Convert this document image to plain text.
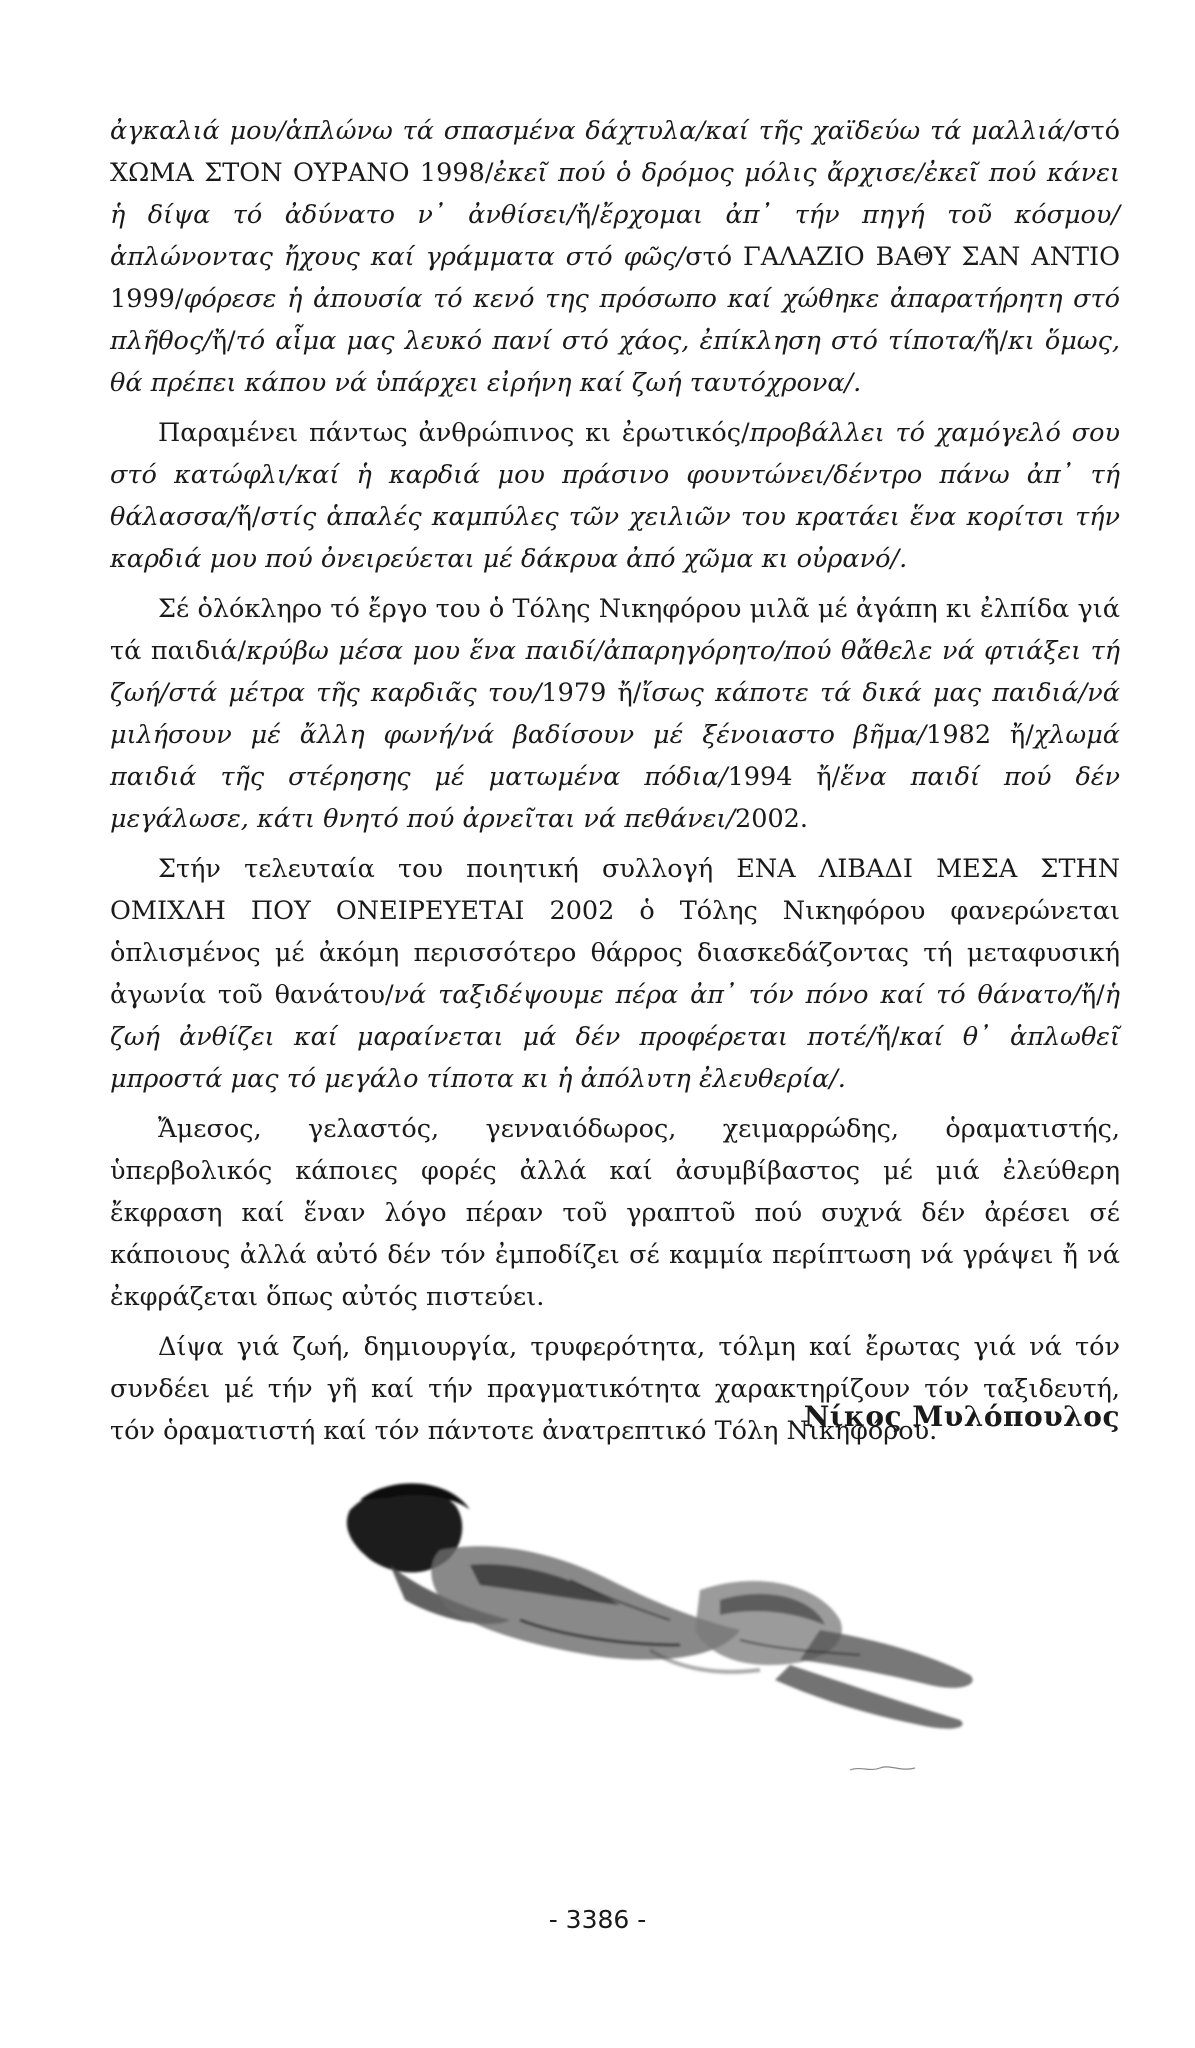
ἀγκαλιά μου/ἁπλώνω τά σπασμένα δάχτυλα/καί τῆς χαϊδεύω τά μαλλιά/στό ΧΩΜΑ ΣΤΟΝ ΟΥΡΑΝΟ 1998/ἐκεῖ πού ὁ δρόμος μόλις ἄρχισε/ἐκεῖ πού κάνει ἡ δίψα τό ἀδύνατο ν᾽ ἀνθίσει/ἤ/ἔρχομαι ἀπ᾽ τήν πηγή τοῦ κόσμου/ἁπλώνοντας ἤχους καί γράμματα στό φῶς/στό ΓΑΛΑΖΙΟ ΒΑΘΥ ΣΑΝ ΑΝΤΙΟ 1999/φόρεσε ἡ ἀπουσία τό κενό της πρόσωπο καί χώθηκε ἀπαρατήρητη στό πλῆθος/ἤ/τό αἷμα μας λευκό πανί στό χάος, ἐπίκληση στό τίποτα/ἤ/κι ὅμως, θά πρέπει κάπου νά ὑπάρχει εἰρήνη καί ζωή ταυτόχρονα/.

Παραμένει πάντως ἀνθρώπινος κι ἐρωτικός/προβάλλει τό χαμόγελό σου στό κατώφλι/καί ἡ καρδιά μου πράσινο φουντώνει/δέντρο πάνω ἀπ᾽ τή θάλασσα/ἤ/στίς ἁπαλές καμπύλες τῶν χειλιῶν του κρατάει ἕνα κορίτσι τήν καρδιά μου πού ὀνειρεύεται μέ δάκρυα ἀπό χῶμα κι οὐρανό/.

Σέ ὁλόκληρο τό ἔργο του ὁ Τόλης Νικηφόρου μιλᾶ μέ ἀγάπη κι ἐλπίδα γιά τά παιδιά/κρύβω μέσα μου ἕνα παιδί/ἀπαρηγόρητο/πού θἄθελε νά φτιάξει τή ζωή/στά μέτρα τῆς καρδιᾶς του/1979 ἤ/ἴσως κάποτε τά δικά μας παιδιά/νά μιλήσουν μέ ἄλλη φωνή/νά βαδίσουν μέ ξένοιαστο βῆμα/1982 ἤ/χλωμά παιδιά τῆς στέρησης μέ ματωμένα πόδια/1994 ἤ/ἕνα παιδί πού δέν μεγάλωσε, κάτι θνητό πού ἀρνεῖται νά πεθάνει/2002.

Στήν τελευταία του ποιητική συλλογή ΕΝΑ ΛΙΒΑΔΙ ΜΕΣΑ ΣΤΗΝ ΟΜΙΧΛΗ ΠΟΥ ΟΝΕΙΡΕΥΕΤΑΙ 2002 ὁ Τόλης Νικηφόρου φανερώνεται ὁπλισμένος μέ ἀκόμη περισσότερο θάρρος διασκεδάζοντας τή μεταφυσική ἀγωνία τοῦ θανάτου/νά ταξιδέψουμε πέρα ἀπ᾽ τόν πόνο καί τό θάνατο/ἤ/ἡ ζωή ἀνθίζει καί μαραίνεται μά δέν προφέρεται ποτέ/ἤ/καί θ᾽ ἁπλωθεῖ μπροστά μας τό μεγάλο τίποτα κι ἡ ἀπόλυτη ἐλευθερία/.

Ἄμεσος, γελαστός, γενναιόδωρος, χειμαρρώδης, ὁραματιστής, ὑπερβολικός κάποιες φορές ἀλλά καί ἀσυμβίβαστος μέ μιά ἐλεύθερη ἔκφραση καί ἕναν λόγο πέραν τοῦ γραπτοῦ πού συχνά δέν ἀρέσει σέ κάποιους ἀλλά αὐτό δέν τόν ἐμποδίζει σέ καμμία περίπτωση νά γράψει ἤ νά ἐκφράζεται ὅπως αὐτός πιστεύει.

Δίψα γιά ζωή, δημιουργία, τρυφερότητα, τόλμη καί ἔρωτας γιά νά τόν συνδέει μέ τήν γῆ καί τήν πραγματικότητα χαρακτηρίζουν τόν ταξιδευτή, τόν ὁραματιστή καί τόν πάντοτε ἀνατρεπτικό Τόλη Νικηφόρου.

Νίκος Μυλόπουλος
- 3386 -
